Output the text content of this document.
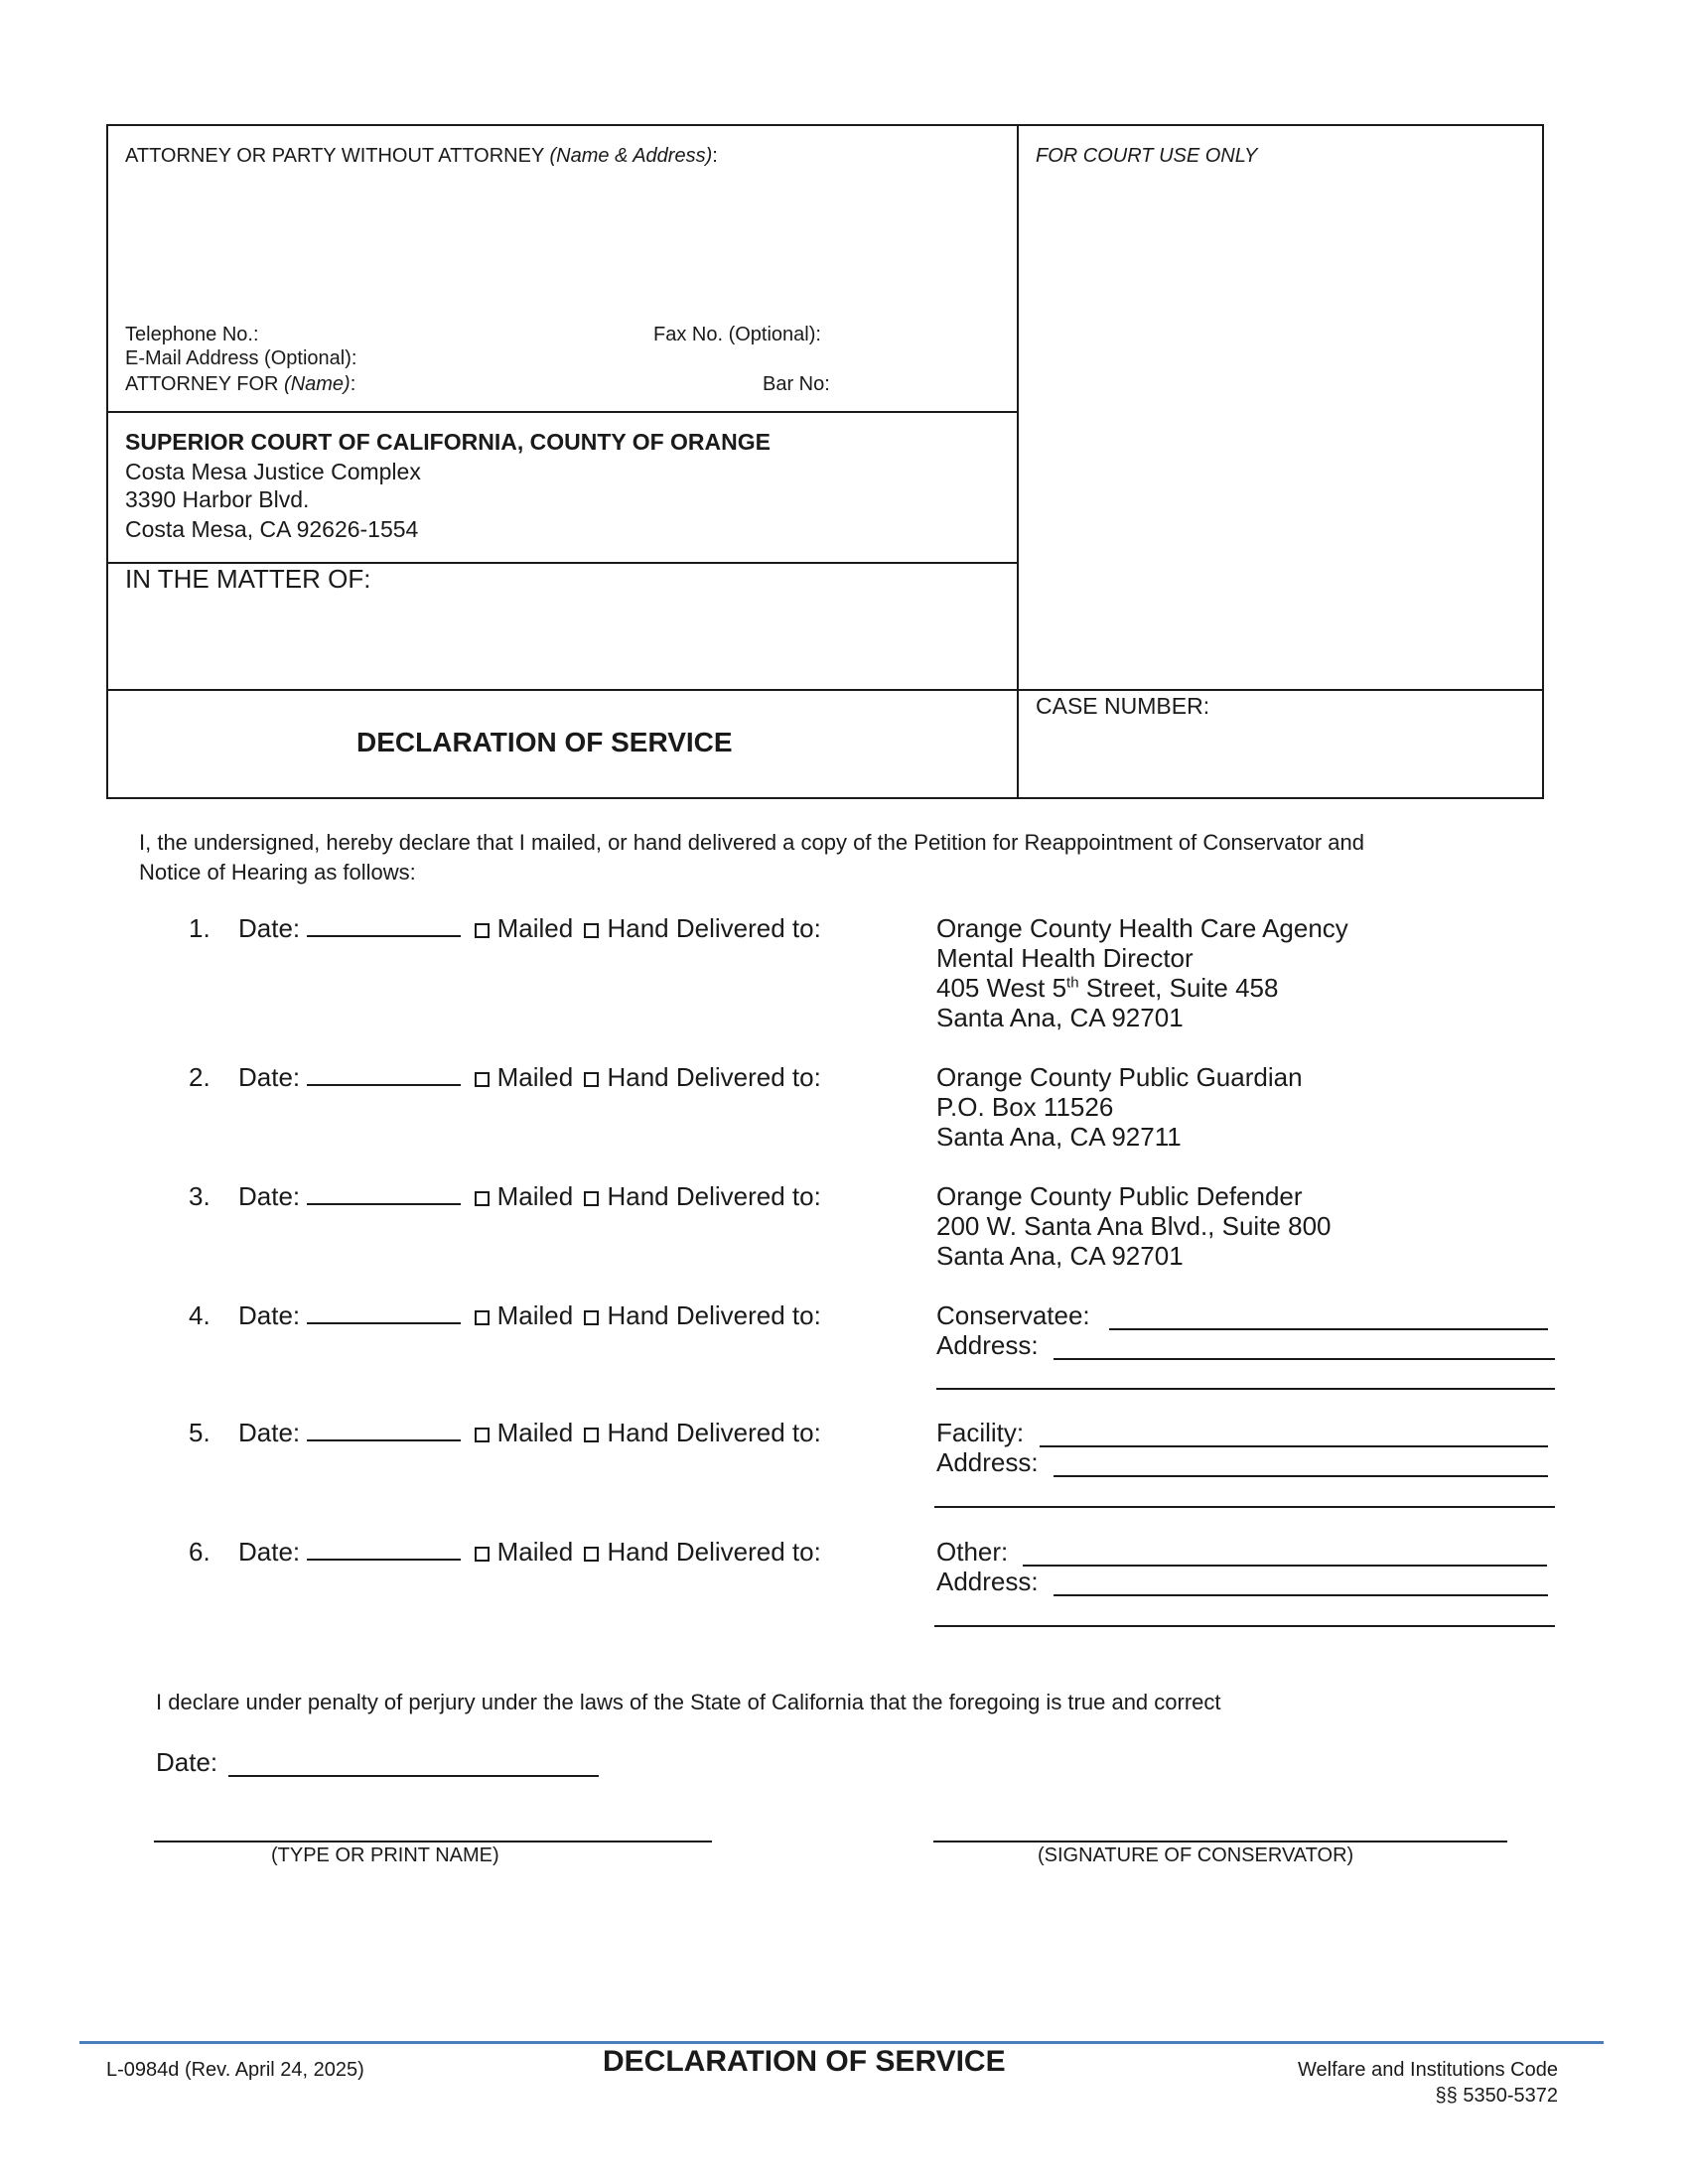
ATTORNEY OR PARTY WITHOUT ATTORNEY (Name & Address):	FOR COURT USE ONLY
Telephone No.:	Fax No. (Optional):
E-Mail Address (Optional):
ATTORNEY FOR (Name):	Bar No:
SUPERIOR COURT OF CALIFORNIA, COUNTY OF ORANGE
Costa Mesa Justice Complex
3390 Harbor Blvd.
Costa Mesa, CA 92626-1554
IN THE MATTER OF:
DECLARATION OF SERVICE
CASE NUMBER:
I, the undersigned, hereby declare that I mailed, or hand delivered a copy of the Petition for Reappointment of Conservator and
Notice of Hearing as follows:
1. Date:	Mailed Hand Delivered to:	Orange County Health Care Agency
Mental Health Director
405 West 5th Street, Suite 458
Santa Ana, CA 92701
2. Date:	Mailed Hand Delivered to:	Orange County Public Guardian
P.O. Box 11526
Santa Ana, CA 92711
3. Date:	Mailed Hand Delivered to:	Orange County Public Defender
200 W. Santa Ana Blvd., Suite 800
Santa Ana, CA 92701
4. Date:	Mailed Hand Delivered to:	Conservatee:
Address:
5. Date:	Mailed Hand Delivered to:	Facility:
Address:
6. Date:	Mailed Hand Delivered to:	Other:
Address:
I declare under penalty of perjury under the laws of the State of California that the foregoing is true and correct
Date:
(TYPE OR PRINT NAME)	(SIGNATURE OF CONSERVATOR)
L-0984d (Rev. April 24, 2025)	DECLARATION OF SERVICE	Welfare and Institutions Code
§§ 5350-5372
